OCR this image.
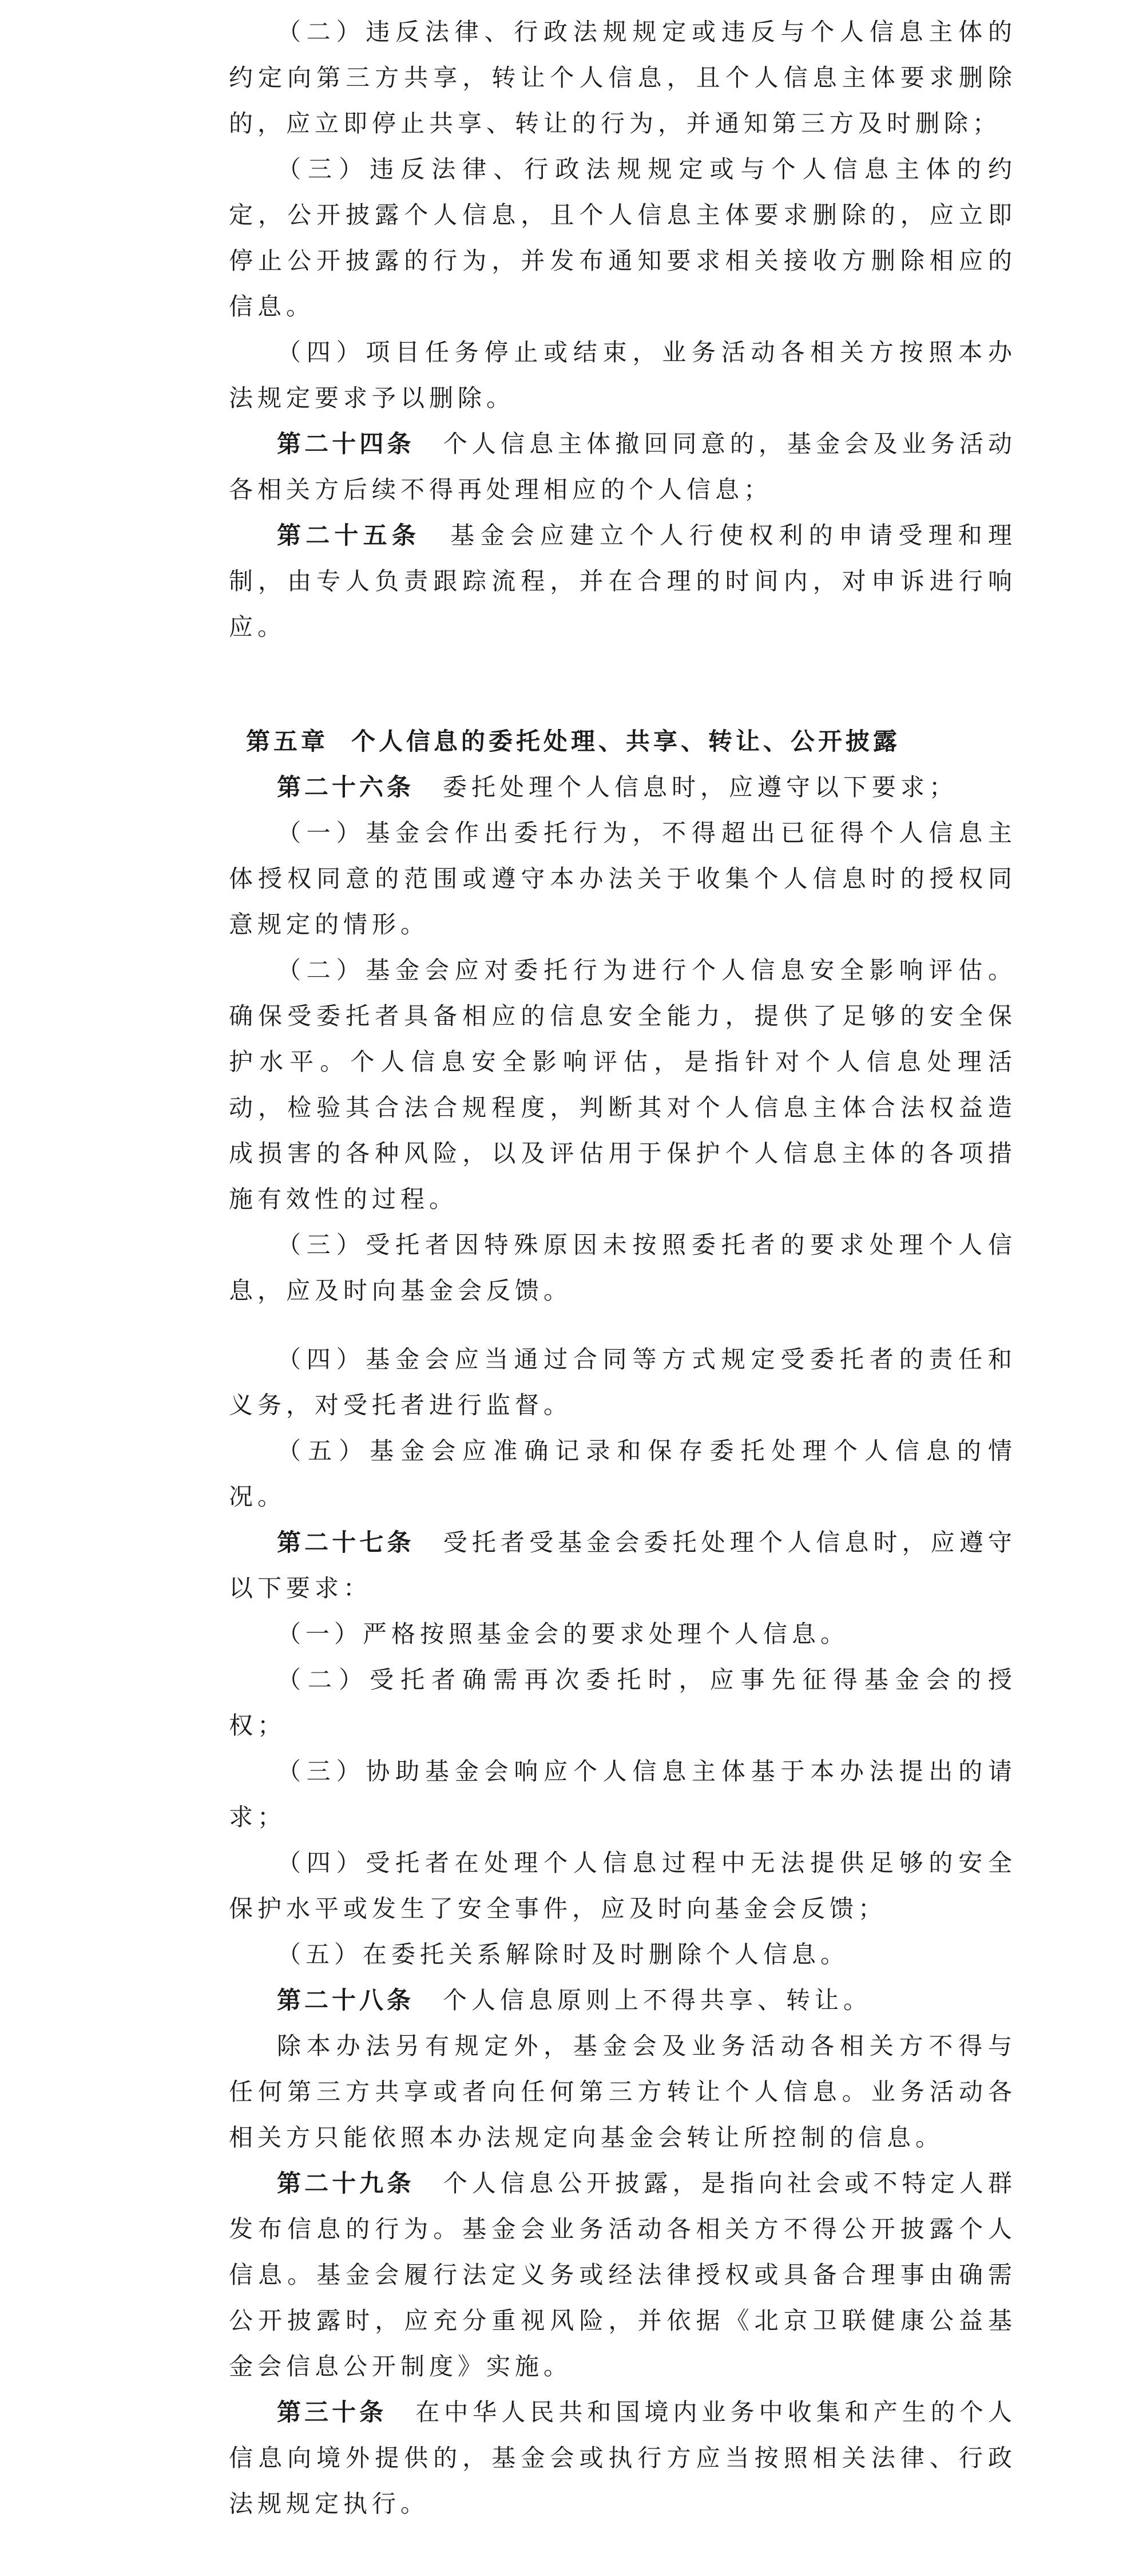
（二）违反法律、行政法规规定或违反与个人信息主体的约定向第三方共享，转让个人信息，且个人信息主体要求删除的，应立即停止共享、转让的行为，并通知第三方及时删除；

（三）违反法律、行政法规规定或与个人信息主体的约定，公开披露个人信息，且个人信息主体要求删除的，应立即停止公开披露的行为，并发布通知要求相关接收方删除相应的信息。

（四）项目任务停止或结束，业务活动各相关方按照本办法规定要求予以删除。

第二十四条　 个人信息主体撤回同意的，基金会及业务活动各相关方后续不得再处理相应的个人信息；

第二十五条　 基金会应建立个人行使权利的申请受理和理制，由专人负责跟踪流程，并在合理的时间内，对申诉进行响应。

第五章 个人信息的委托处理、共享、转让、公开披露

第二十六条　 委托处理个人信息时，应遵守以下要求；

（一）基金会作出委托行为，不得超出已征得个人信息主体授权同意的范围或遵守本办法关于收集个人信息时的授权同意规定的情形。

（二）基金会应对委托行为进行个人信息安全影响评估。确保受委托者具备相应的信息安全能力，提供了足够的安全保护水平。个人信息安全影响评估，是指针对个人信息处理活动，检验其合法合规程度，判断其对个人信息主体合法权益造成损害的各种风险，以及评估用于保护个人信息主体的各项措施有效性的过程。

（三）受托者因特殊原因未按照委托者的要求处理个人信息，应及时向基金会反馈。

（四）基金会应当通过合同等方式规定受委托者的责任和义务，对受托者进行监督。

（五）基金会应准确记录和保存委托处理个人信息的情况。

第二十七条　 受托者受基金会委托处理个人信息时，应遵守以下要求：

（一）严格按照基金会的要求处理个人信息。

（二）受托者确需再次委托时，应事先征得基金会的授权；

（三）协助基金会响应个人信息主体基于本办法提出的请求；

（四）受托者在处理个人信息过程中无法提供足够的安全保护水平或发生了安全事件，应及时向基金会反馈；

（五）在委托关系解除时及时删除个人信息。

第二十八条　 个人信息原则上不得共享、转让。

除本办法另有规定外，基金会及业务活动各相关方不得与任何第三方共享或者向任何第三方转让个人信息。业务活动各相关方只能依照本办法规定向基金会转让所控制的信息。

第二十九条　 个人信息公开披露，是指向社会或不特定人群发布信息的行为。基金会业务活动各相关方不得公开披露个人信息。基金会履行法定义务或经法律授权或具备合理事由确需公开披露时，应充分重视风险，并依据《北京卫联健康公益基金会信息公开制度》实施。

第三十条　 在中华人民共和国境内业务中收集和产生的个人信息向境外提供的，基金会或执行方应当按照相关法律、行政法规规定执行。
